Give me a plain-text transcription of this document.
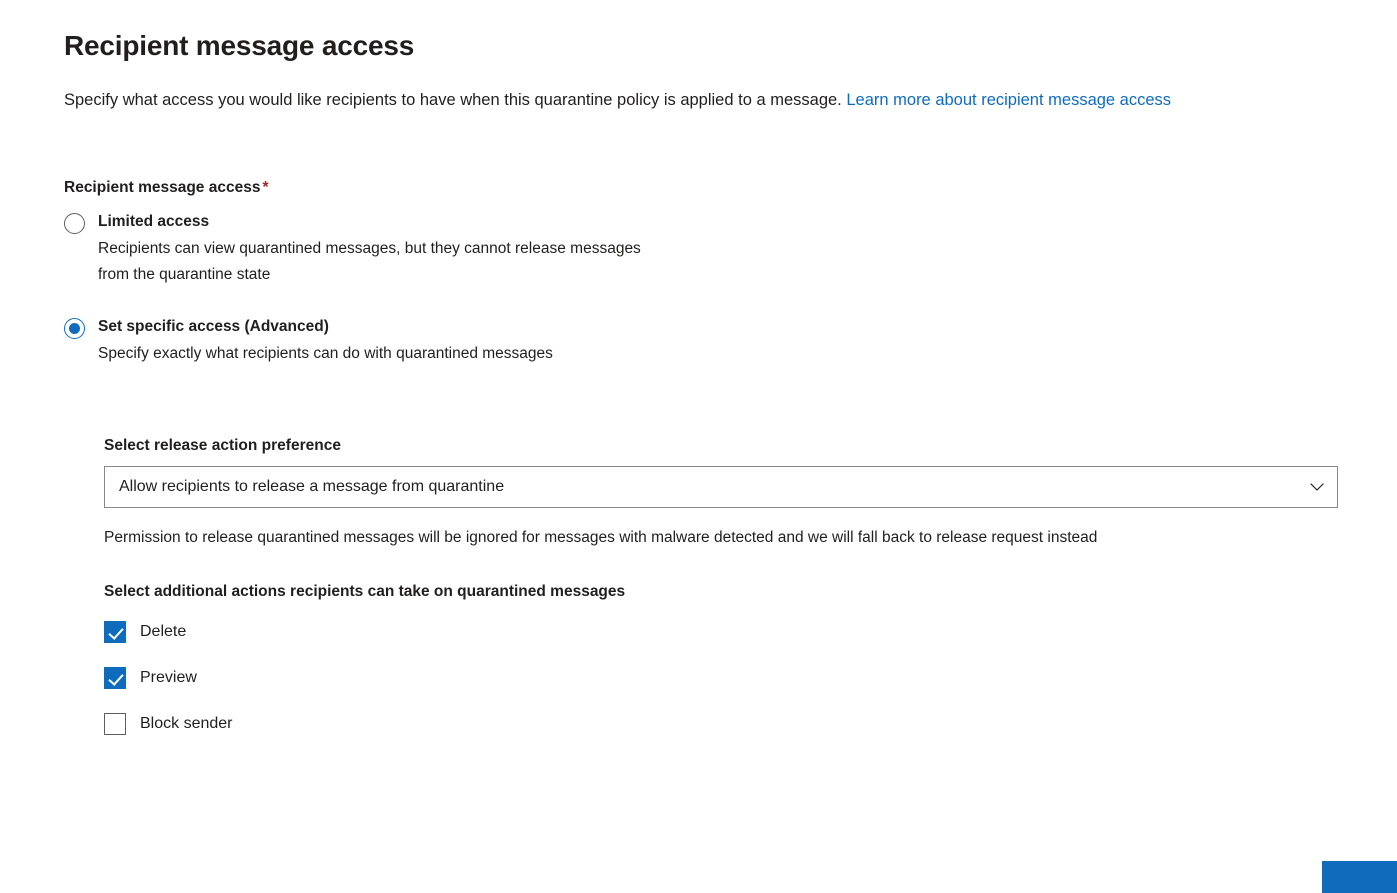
Recipient message access

Specify what access you would like recipients to have when this quarantine policy is applied to a message. Learn more about recipient message access

Recipient message access *
Limited access
Recipients can view quarantined messages, but they cannot release messages
from the quarantine state
Set specific access (Advanced)
Specify exactly what recipients can do with quarantined messages
Select release action preference
Allow recipients to release a message from quarantine
Permission to release quarantined messages will be ignored for messages with malware detected and we will fall back to release request instead
Select additional actions recipients can take on quarantined messages
Delete
Preview
Block sender
